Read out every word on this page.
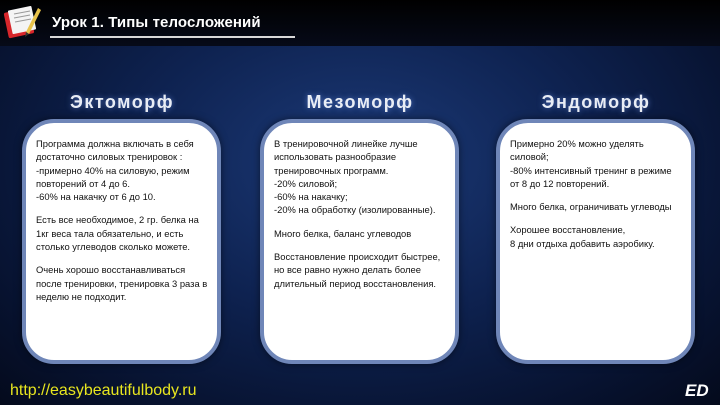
Урок 1. Типы телосложений
Эктоморф

Программа должна включать в себя достаточно силовых тренировок :
-примерно 40% на силовую, режим повторений от 4 до 6.
-60% на накачку от 6 до 10.

Есть все необходимое, 2 гр. белка на 1кг веса тала обязательно, и есть столько углеводов сколько можете.

Очень хорошо восстанавливаться после тренировки, тренировка 3 раза в неделю не подходит.

Мезоморф

В тренировочной линейке лучше использовать разнообразие тренировочных программ.
-20% силовой;
-60% на накачку;
-20% на обработку (изолированные).

Много белка, баланс углеводов

Восстановление происходит быстрее, но все равно нужно делать более длительный период восстановления.

Эндоморф

Примерно 20% можно уделять силовой;
-80% интенсивный тренинг в режиме от 8 до 12 повторений.

Много белка, ограничивать углеводы

Хорошее восстановление,
8 дни отдыха добавить аэробику.

http://easybeautifulbody.ru	ED
